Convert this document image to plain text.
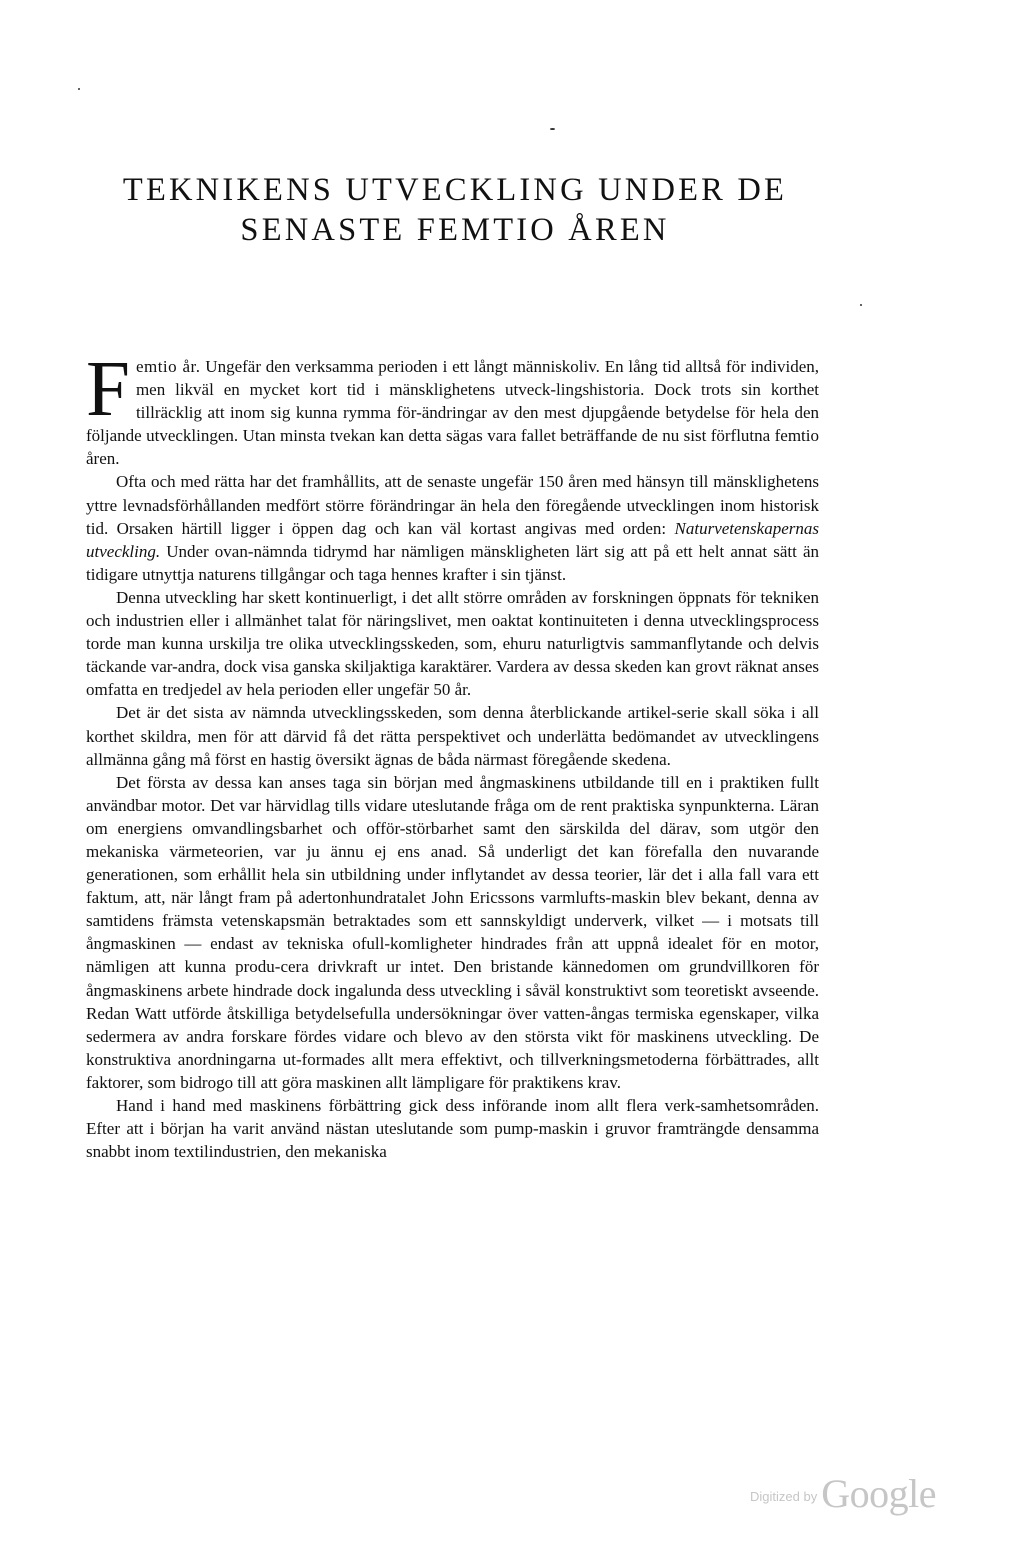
TEKNIKENS UTVECKLING UNDER DE
SENASTE FEMTIO ÅREN

Femtio år. Ungefär den verksamma perioden i ett långt människoliv. En lång tid alltså för individen, men likväl en mycket kort tid i mänsklighetens utveck-lingshistoria. Dock trots sin korthet tillräcklig att inom sig kunna rymma för-ändringar av den mest djupgående betydelse för hela den följande utvecklingen. Utan minsta tvekan kan detta sägas vara fallet beträffande de nu sist förflutna femtio åren.

Ofta och med rätta har det framhållits, att de senaste ungefär 150 åren med hänsyn till mänsklighetens yttre levnadsförhållanden medfört större förändringar än hela den föregående utvecklingen inom historisk tid. Orsaken härtill ligger i öppen dag och kan väl kortast angivas med orden: Naturvetenskapernas utveckling. Under ovan-nämnda tidrymd har nämligen mänskligheten lärt sig att på ett helt annat sätt än tidigare utnyttja naturens tillgångar och taga hennes krafter i sin tjänst.

Denna utveckling har skett kontinuerligt, i det allt större områden av forskningen öppnats för tekniken och industrien eller i allmänhet talat för näringslivet, men oaktat kontinuiteten i denna utvecklingsprocess torde man kunna urskilja tre olika utvecklingsskeden, som, ehuru naturligtvis sammanflytande och delvis täckande var-andra, dock visa ganska skiljaktiga karaktärer. Vardera av dessa skeden kan grovt räknat anses omfatta en tredjedel av hela perioden eller ungefär 50 år.

Det är det sista av nämnda utvecklingsskeden, som denna återblickande artikel-serie skall söka i all korthet skildra, men för att därvid få det rätta perspektivet och underlätta bedömandet av utvecklingens allmänna gång må först en hastig översikt ägnas de båda närmast föregående skedena.

Det första av dessa kan anses taga sin början med ångmaskinens utbildande till en i praktiken fullt användbar motor. Det var härvidlag tills vidare uteslutande fråga om de rent praktiska synpunkterna. Läran om energiens omvandlingsbarhet och offör-störbarhet samt den särskilda del därav, som utgör den mekaniska värmeteorien, var ju ännu ej ens anad. Så underligt det kan förefalla den nuvarande generationen, som erhållit hela sin utbildning under inflytandet av dessa teorier, lär det i alla fall vara ett faktum, att, när långt fram på adertonhundratalet John Ericssons varmlufts-maskin blev bekant, denna av samtidens främsta vetenskapsmän betraktades som ett sannskyldigt underverk, vilket — i motsats till ångmaskinen — endast av tekniska ofull-komligheter hindrades från att uppnå idealet för en motor, nämligen att kunna produ-cera drivkraft ur intet. Den bristande kännedomen om grundvillkoren för ångmaskinens arbete hindrade dock ingalunda dess utveckling i såväl konstruktivt som teoretiskt avseende. Redan Watt utförde åtskilliga betydelsefulla undersökningar över vatten-ångas termiska egenskaper, vilka sedermera av andra forskare fördes vidare och blevo av den största vikt för maskinens utveckling. De konstruktiva anordningarna ut-formades allt mera effektivt, och tillverkningsmetoderna förbättrades, allt faktorer, som bidrogo till att göra maskinen allt lämpligare för praktikens krav.

Hand i hand med maskinens förbättring gick dess införande inom allt flera verk-samhetsområden. Efter att i början ha varit använd nästan uteslutande som pump-maskin i gruvor framträngde densamma snabbt inom textilindustrien, den mekaniska

$^{Digitized by}$ Google
